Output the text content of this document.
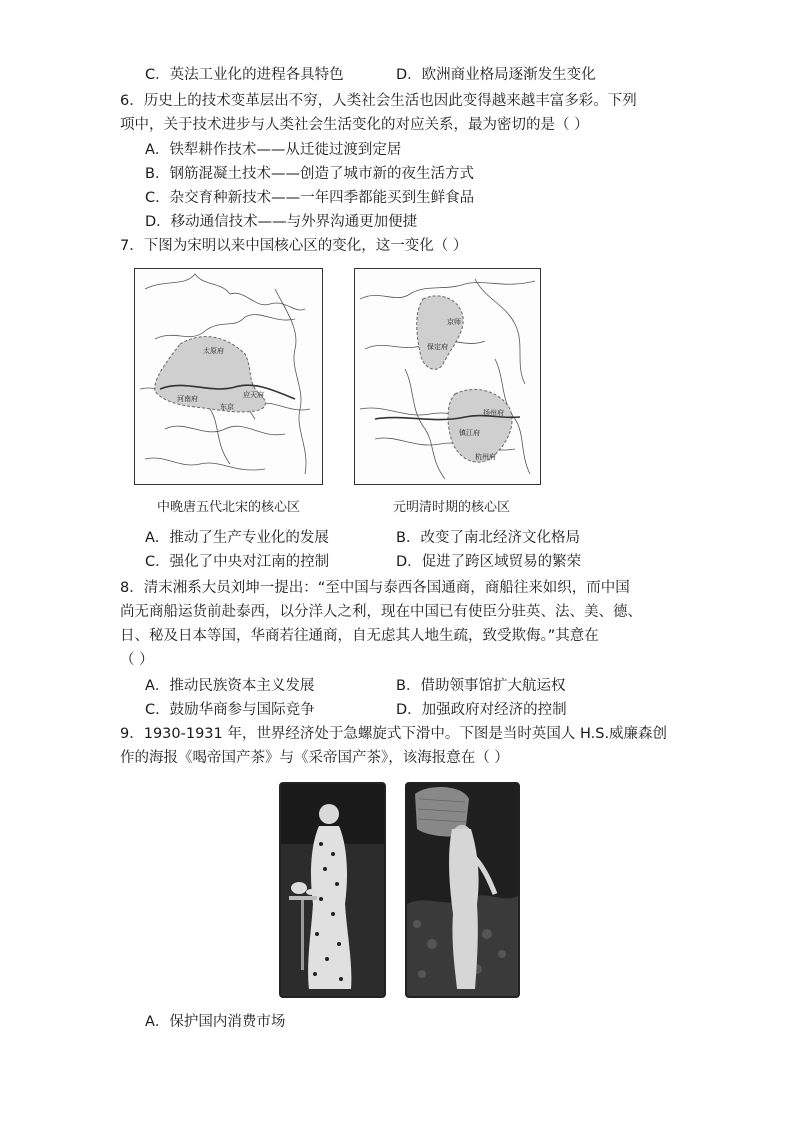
C．英法工业化的进程各具特色	D．欧洲商业格局逐渐发生变化
6．历史上的技术变革层出不穷，人类社会生活也因此变得越来越丰富多彩。下列
项中，关于技术进步与人类社会生活变化的对应关系，最为密切的是（ ）
A．铁犁耕作技术——从迁徙过渡到定居
B．钢筋混凝土技术——创造了城市新的夜生活方式
C．杂交育种新技术——一年四季都能买到生鲜食品
D．移动通信技术——与外界沟通更加便捷
7．下图为宋明以来中国核心区的变化，这一变化（ ）
太原府
河南府
东京
应天府
京师
保定府
扬州府
镇江府
杭州府
中晚唐五代北宋的核心区	元明清时期的核心区
A．推动了生产专业化的发展	B．改变了南北经济文化格局
C．强化了中央对江南的控制	D．促进了跨区域贸易的繁荣
8．清末湘系大员刘坤一提出：“至中国与泰西各国通商，商船往来如织，而中国
尚无商船运货前赴泰西，以分洋人之利，现在中国已有使臣分驻英、法、美、德、
日、秘及日本等国，华商若往通商，自无虑其人地生疏，致受欺侮。”其意在
（ ）
A．推动民族资本主义发展	B．借助领事馆扩大航运权
C．鼓励华商参与国际竞争	D．加强政府对经济的控制
9．1930-1931 年，世界经济处于急螺旋式下滑中。下图是当时英国人 H.S.威廉森创
作的海报《喝帝国产茶》与《采帝国产茶》，该海报意在（ ）
A．保护国内消费市场
